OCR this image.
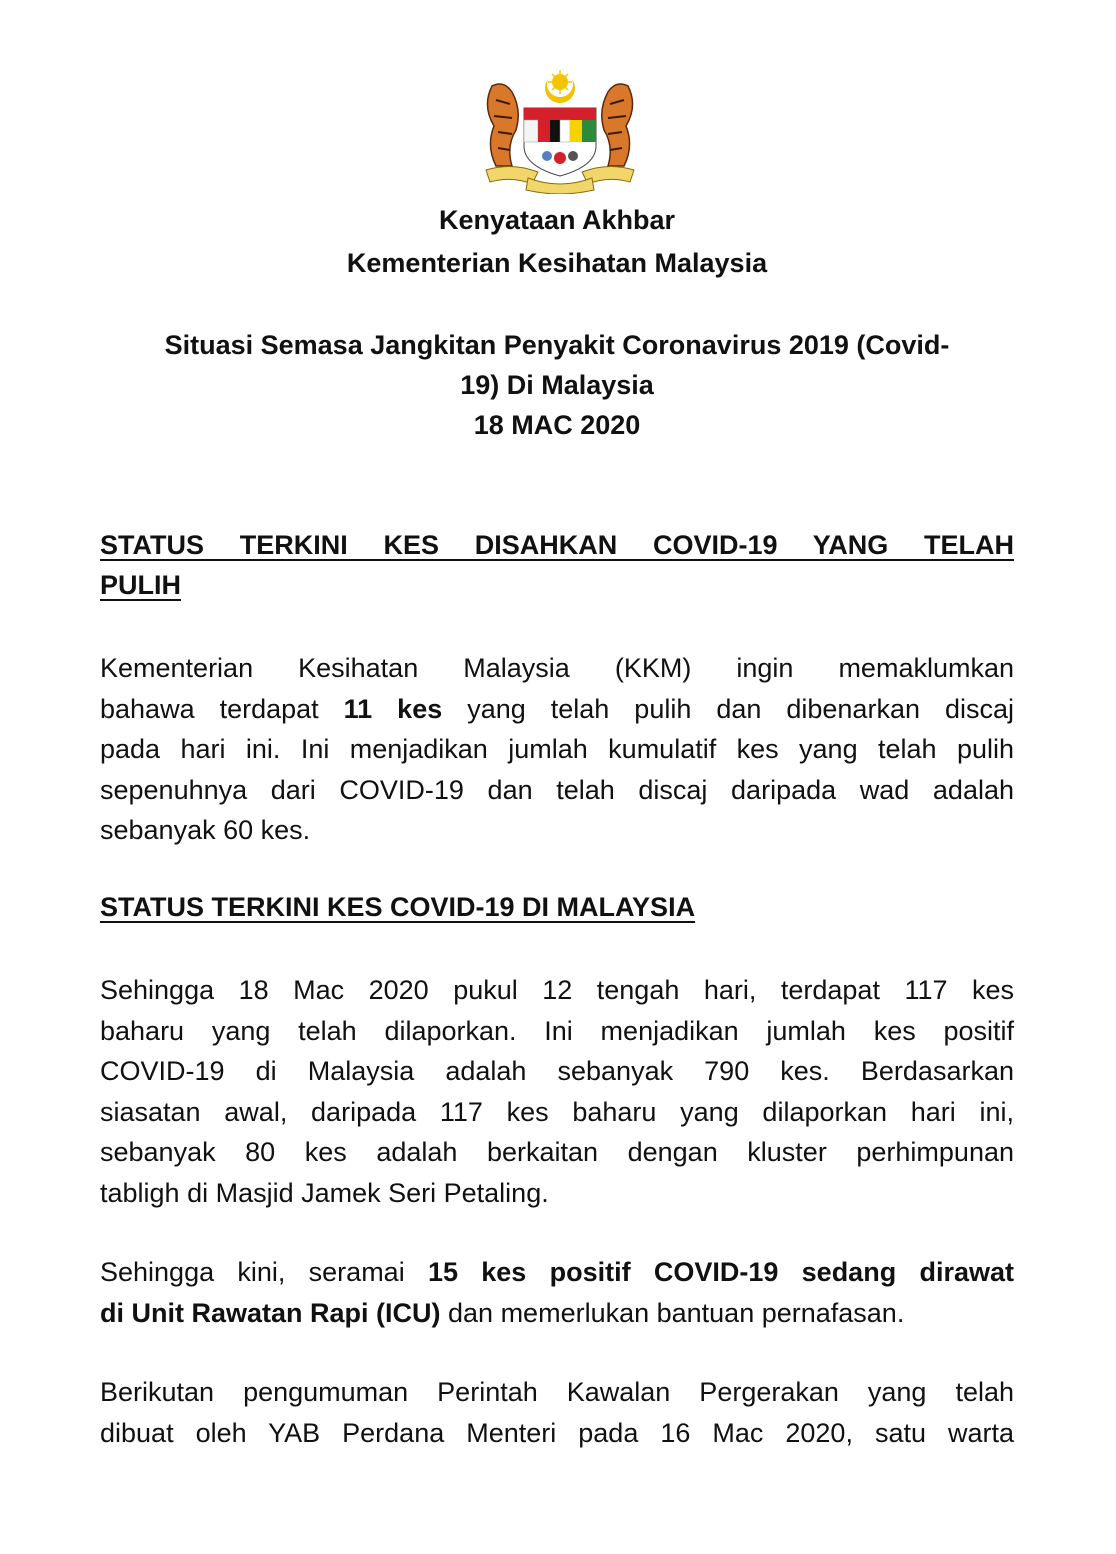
Kenyataan Akhbar
Kementerian Kesihatan Malaysia
Situasi Semasa Jangkitan Penyakit Coronavirus 2019 (Covid-
19) Di Malaysia
18 MAC 2020
STATUS TERKINI KES DISAHKAN COVID-19 YANG TELAH
PULIH
Kementerian Kesihatan Malaysia (KKM) ingin memaklumkan
bahawa terdapat 11 kes yang telah pulih dan dibenarkan discaj
pada hari ini. Ini menjadikan jumlah kumulatif kes yang telah pulih
sepenuhnya dari COVID-19 dan telah discaj daripada wad adalah
sebanyak 60 kes.
STATUS TERKINI KES COVID-19 DI MALAYSIA
Sehingga 18 Mac 2020 pukul 12 tengah hari, terdapat 117 kes
baharu yang telah dilaporkan. Ini menjadikan jumlah kes positif
COVID-19 di Malaysia adalah sebanyak 790 kes. Berdasarkan
siasatan awal, daripada 117 kes baharu yang dilaporkan hari ini,
sebanyak 80 kes adalah berkaitan dengan kluster perhimpunan
tabligh di Masjid Jamek Seri Petaling.
Sehingga kini, seramai 15 kes positif COVID-19 sedang dirawat
di Unit Rawatan Rapi (ICU) dan memerlukan bantuan pernafasan.
Berikutan pengumuman Perintah Kawalan Pergerakan yang telah
dibuat oleh YAB Perdana Menteri pada 16 Mac 2020, satu warta
